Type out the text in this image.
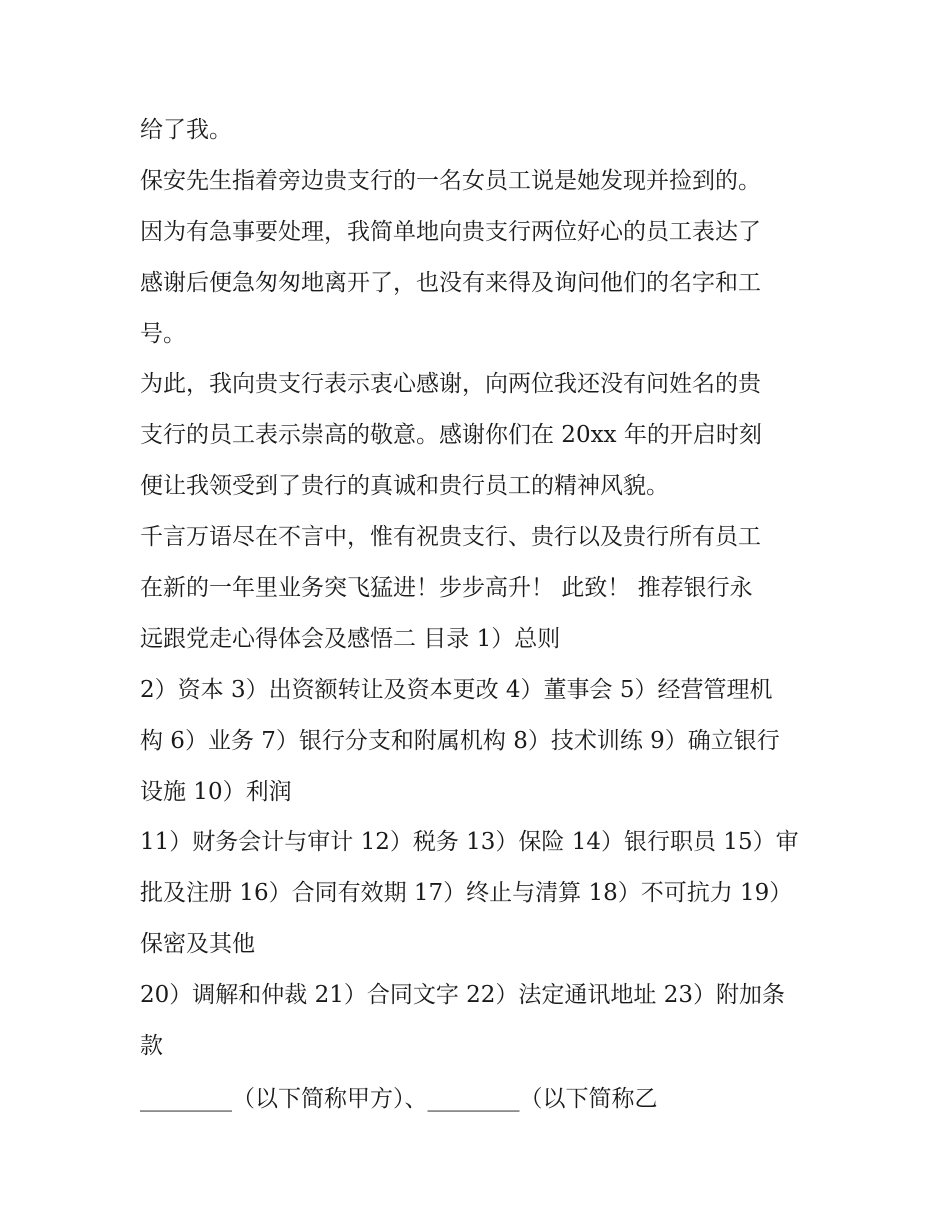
给了我。
保安先生指着旁边贵支行的一名女员工说是她发现并捡到的。
因为有急事要处理，我简单地向贵支行两位好心的员工表达了
感谢后便急匆匆地离开了，也没有来得及询问他们的名字和工
号。
为此，我向贵支行表示衷心感谢，向两位我还没有问姓名的贵
支行的员工表示崇高的敬意。感谢你们在 20xx 年的开启时刻
便让我领受到了贵行的真诚和贵行员工的精神风貌。
千言万语尽在不言中，惟有祝贵支行、贵行以及贵行所有员工
在新的一年里业务突飞猛进！步步高升！ 此致！ 推荐银行永
远跟党走心得体会及感悟二 目录 1）总则
2）资本 3）出资额转让及资本更改 4）董事会 5）经营管理机
构 6）业务 7）银行分支和附属机构 8）技术训练 9）确立银行
设施 10）利润
11）财务会计与审计 12）税务 13）保险 14）银行职员 15）审
批及注册 16）合同有效期 17）终止与清算 18）不可抗力 19）
保密及其他
20）调解和仲裁 21）合同文字 22）法定通讯地址 23）附加条
款
________（以下简称甲方）、________（以下简称乙
